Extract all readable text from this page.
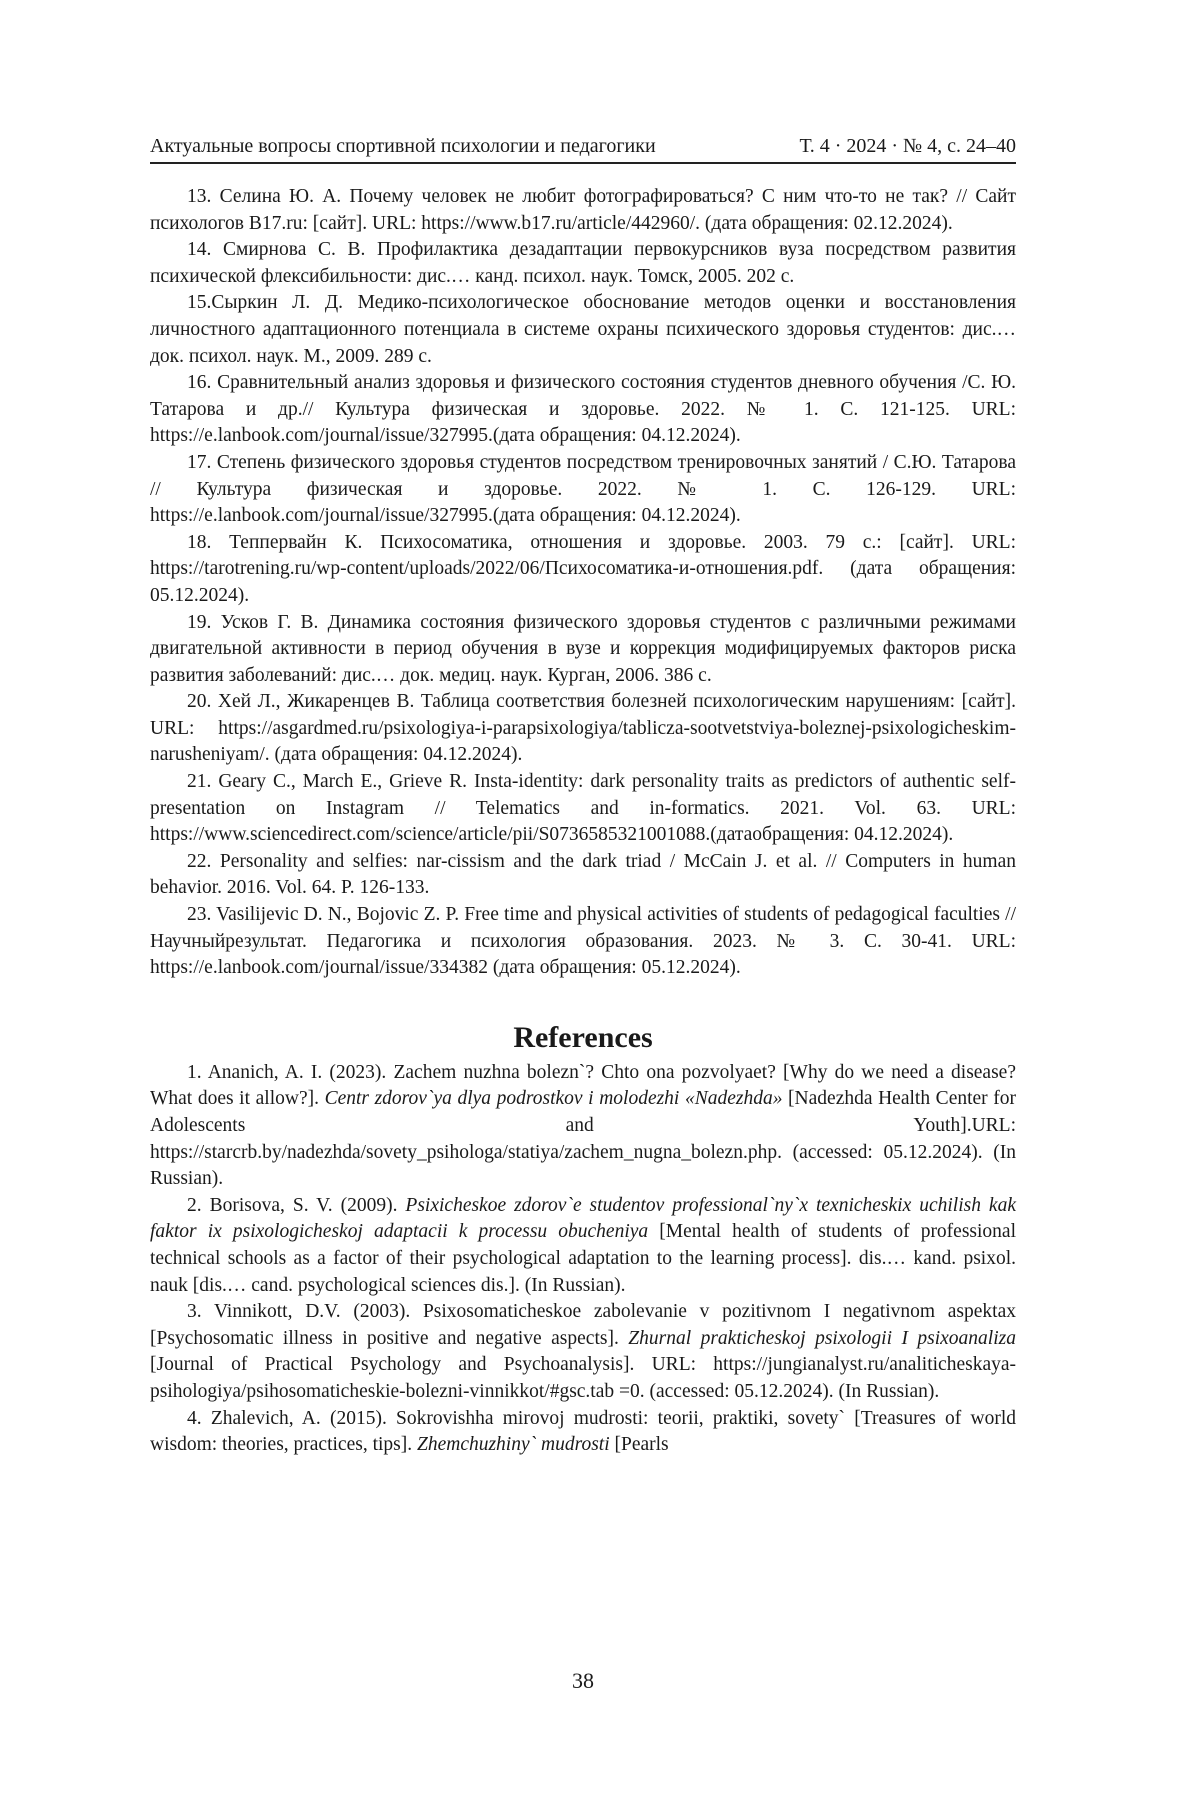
Актуальные вопросы спортивной психологии и педагогики	Т. 4 · 2024 · № 4, с. 24–40

13. Селина Ю. А. Почему человек не любит фотографироваться? С ним что-то не так? // Сайт психологов B17.ru: [сайт]. URL: https://www.b17.ru/article/442960/. (дата обращения: 02.12.2024).

14. Смирнова С. В. Профилактика дезадаптации первокурсников вуза посредством развития психической флексибильности: дис.… канд. психол. наук. Томск, 2005. 202 с.

15.Сыркин Л. Д. Медико-психологическое обоснование методов оценки и восстановления личностного адаптационного потенциала в системе охраны психического здоровья студентов: дис.… док. психол. наук. М., 2009. 289 с.

16. Сравнительный анализ здоровья и физического состояния студентов дневного обучения /С. Ю. Татарова и др.// Культура физическая и здоровье. 2022. № 1. С. 121-125. URL: https://e.lanbook.com/journal/issue/327995.(дата обращения: 04.12.2024).

17. Степень физического здоровья студентов посредством тренировочных занятий / С.Ю. Татарова // Культура физическая и здоровье. 2022. № 1. С. 126-129. URL: https://e.lanbook.com/journal/issue/327995.(дата обращения: 04.12.2024).

18. Теппервайн К. Психосоматика, отношения и здоровье. 2003. 79 с.: [сайт]. URL: https://tarotrening.ru/wp-content/uploads/2022/06/Психосоматика-и-отношения.pdf. (дата обращения: 05.12.2024).

19. Усков Г. В. Динамика состояния физического здоровья студентов с различными режимами двигательной активности в период обучения в вузе и коррекция модифицируемых факторов риска развития заболеваний: дис.… док. медиц. наук. Курган, 2006. 386 с.

20. Хей Л., Жикаренцев В. Таблица соответствия болезней психологическим нарушениям: [сайт]. URL: https://asgardmed.ru/psixologiya-i-parapsixologiya/tablicza-sootvetstviya-boleznej-psixologicheskim-narusheniyam/. (дата обращения: 04.12.2024).

21. Geary C., March E., Grieve R. Insta-identity: dark personality traits as predictors of authentic self-presentation on Instagram // Telematics and in-formatics. 2021. Vol. 63. URL: https://www.sciencedirect.com/science/article/pii/S0736585321001088.(датаобращения: 04.12.2024).

22. Personality and selfies: nar-cissism and the dark triad / McCain J. et al. // Computers in human behavior. 2016. Vol. 64. P. 126-133.

23. Vasilijevic D. N., Bojovic Z. P. Free time and physical activities of students of pedagogical faculties // Научныйрезультат. Педагогика и психология образования. 2023. № 3. С. 30-41. URL: https://e.lanbook.com/journal/issue/334382 (дата обращения: 05.12.2024).

References

1. Ananich, A. I. (2023). Zachem nuzhna bolezn`? Chto ona pozvolyaet? [Why do we need a disease? What does it allow?]. Centr zdorov`ya dlya podrostkov i molodezhi «Nadezhda» [Nadezhda Health Center for Adolescents and Youth].URL: https://starcrb.by/nadezhda/sovety_psihologa/statiya/zachem_nugna_bolezn.php. (accessed: 05.12.2024). (In Russian).

2. Borisova, S. V. (2009). Psixicheskoe zdorov`e studentov professional`ny`x texnicheskix uchilish kak faktor ix psixologicheskoj adaptacii k processu obucheniya [Mental health of students of professional technical schools as a factor of their psychological adaptation to the learning process]. dis.… kand. psixol. nauk [dis.… cand. psychological sciences dis.]. (In Russian).

3. Vinnikott, D.V. (2003). Psixosomaticheskoe zabolevanie v pozitivnom I negativnom aspektax [Psychosomatic illness in positive and negative aspects]. Zhurnal prakticheskoj psixologii I psixoanaliza [Journal of Practical Psychology and Psychoanalysis]. URL: https://jungianalyst.ru/analiticheskaya-psihologiya/psihosomaticheskie-bolezni-vinnikkot/#gsc.tab =0. (accessed: 05.12.2024). (In Russian).

4. Zhalevich, A. (2015). Sokrovishha mirovoj mudrosti: teorii, praktiki, sovety` [Treasures of world wisdom: theories, practices, tips]. Zhemchuzhiny` mudrosti [Pearls

38
